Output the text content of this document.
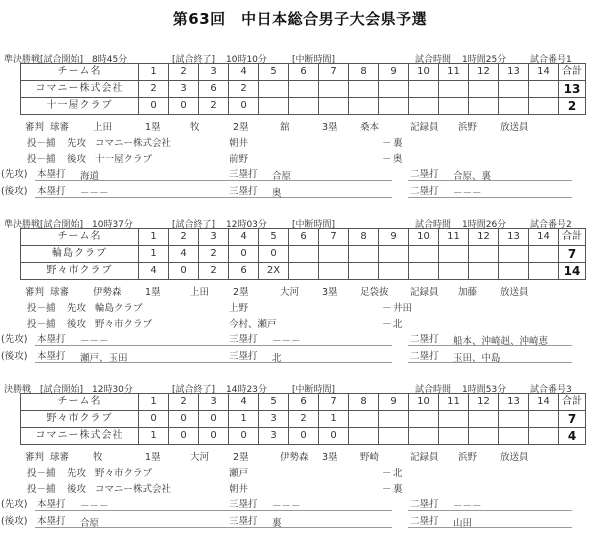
第63回　中日本総合男子大会県予選
準決勝戦 [試合開始] 8時45分	[試合終了] 10時10分	[中断時間]	試合時間 1時間25分	試合番号1
チーム名	1	2	3	4	5	6	7	8	9	10	11	12	13	14	合計
コマニー株式会社	2	3	6	2											13
十一屋クラブ	0	0	2	0											2
審判 球審	上田	1塁	牧	2塁	舘	3塁 桑本	記録員 浜野 放送員
投－捕 先攻 コマニー株式会社	朝井	－ 裏
投－捕 後攻 十一屋クラブ	前野	－ 奥
(先攻) 本塁打 海道	三塁打 合原	二塁打 合原、裏
(後攻) 本塁打 －－－	三塁打 奥	二塁打 －－－
準決勝戦 [試合開始] 10時37分	[試合終了] 12時03分	[中断時間]	試合時間 1時間26分	試合番号2
チーム名	1	2	3	4	5	6	7	8	9	10	11	12	13	14	合計
輪島クラブ	1	4	2	0	0										7
野々市クラブ	4	0	2	6	2X										14
審判 球審	伊勢森 1塁	上田	2塁	大河 3塁 足袋抜 記録員 加藤 放送員
投－捕 先攻 輪島クラブ	上野	－ 井田
投－捕 後攻 野々市クラブ	今村、瀬戸	－ 北
(先攻) 本塁打 －－－	三塁打 －－－	二塁打 船本、沖崎赳、沖崎恵
(後攻) 本塁打 瀬戸、玉田	三塁打 北	二塁打 玉田、中島
決勝戦 [試合開始] 12時30分	[試合終了] 14時23分	[中断時間]	試合時間 1時間53分	試合番号3
チーム名	1	2	3	4	5	6	7	8	9	10	11	12	13	14	合計
野々市クラブ	0	0	0	1	3	2	1								7
コマニー株式会社	1	0	0	0	3	0	0								4
審判 球審	牧	1塁	大河	2塁	伊勢森 3塁 野崎	記録員 浜野 放送員
投－捕 先攻 野々市クラブ	瀬戸	－ 北
投－捕 後攻 コマニー株式会社	朝井	－ 裏
(先攻) 本塁打 －－－	三塁打 －－－	二塁打 －－－
(後攻) 本塁打 合原	三塁打 裏	二塁打 山田
